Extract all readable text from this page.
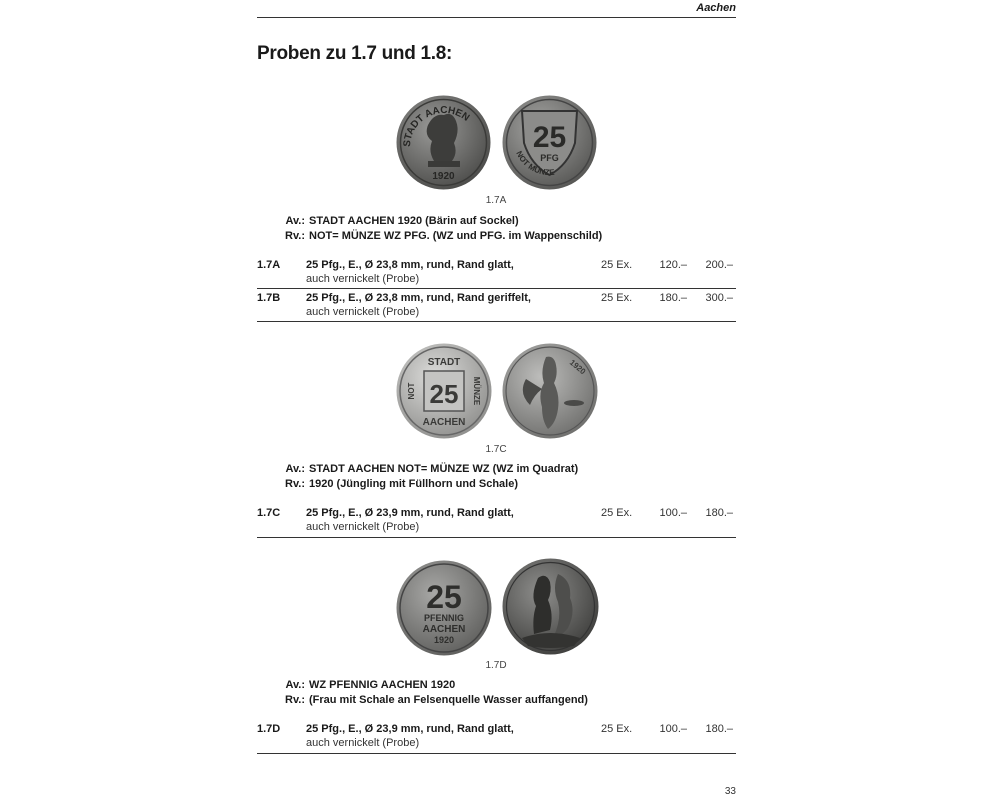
Aachen
Proben zu 1.7 und 1.8:
STADT AACHEN
1920
25
PFG
NOT MÜNZE
1.7A
Av.: STADT AACHEN 1920 (Bärin auf Sockel)
Rv.: NOT= MÜNZE WZ PFG. (WZ und PFG. im Wappenschild)
1.7A 25 Pfg., E., Ø 23,8 mm, rund, Rand glatt,
auch vernickelt (Probe)
25 Ex.	120.–	200.–
1.7B 25 Pfg., E., Ø 23,8 mm, rund, Rand geriffelt,
auch vernickelt (Probe)
25 Ex.	180.–	300.–
STADT
25
AACHEN
NOT	MÜNZE
1920
1.7C
Av.: STADT AACHEN NOT= MÜNZE WZ (WZ im Quadrat)
Rv.: 1920 (Jüngling mit Füllhorn und Schale)
1.7C 25 Pfg., E., Ø 23,9 mm, rund, Rand glatt,
auch vernickelt (Probe)
25 Ex.	100.–	180.–
25
PFENNIG
AACHEN
1920
1.7D
Av.: WZ PFENNIG AACHEN 1920
Rv.: (Frau mit Schale an Felsenquelle Wasser auffangend)
1.7D 25 Pfg., E., Ø 23,9 mm, rund, Rand glatt,
auch vernickelt (Probe)
25 Ex.	100.–	180.–
33
